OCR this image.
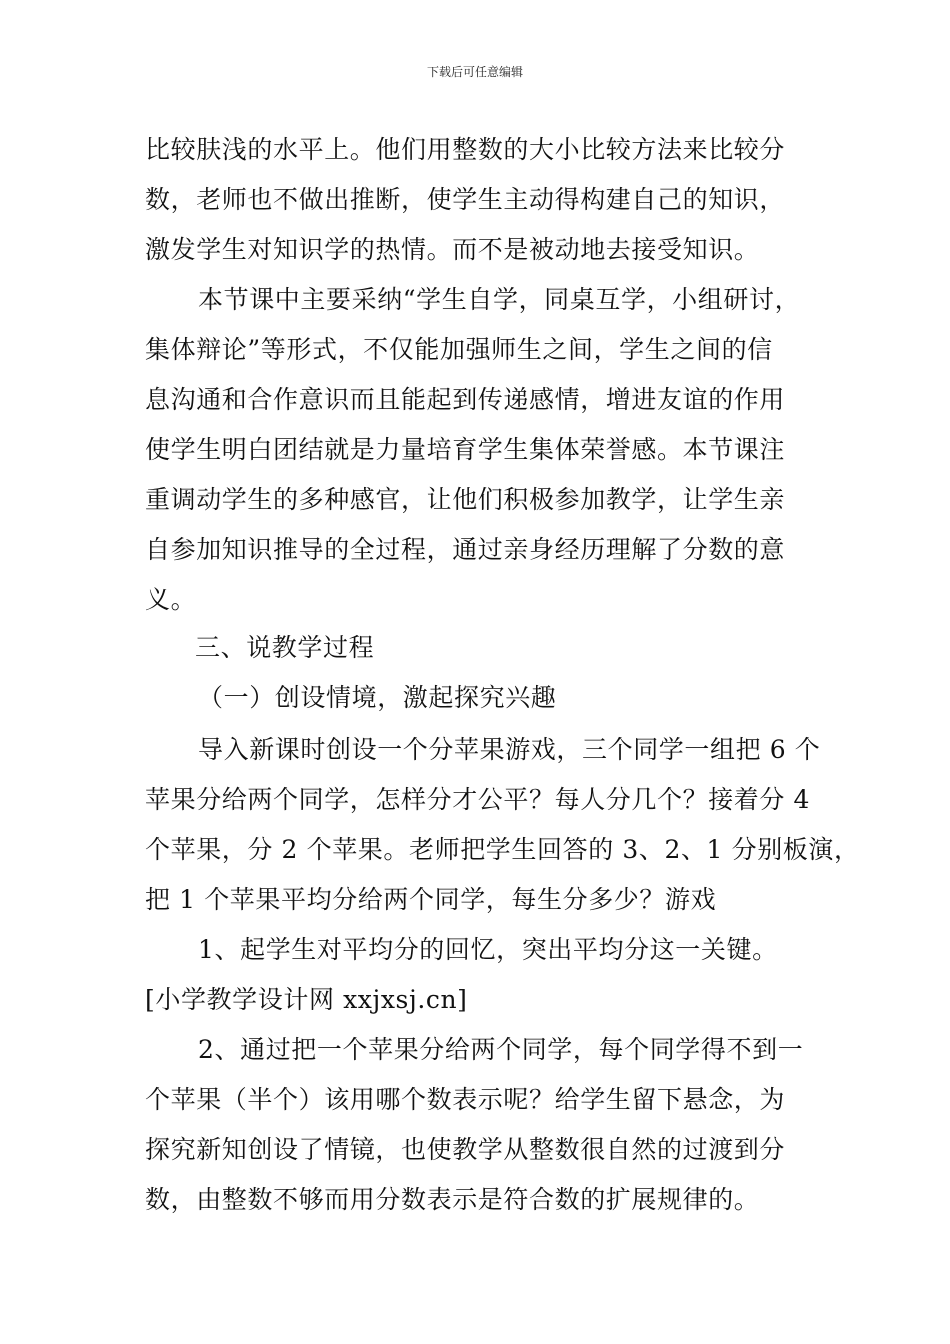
下载后可任意编辑
比较肤浅的水平上。他们用整数的大小比较方法来比较分
数，老师也不做出推断，使学生主动得构建自己的知识，
激发学生对知识学的热情。而不是被动地去接受知识。
本节课中主要采纳“学生自学，同桌互学，小组研讨，
集体辩论”等形式，不仅能加强师生之间，学生之间的信
息沟通和合作意识而且能起到传递感情，增进友谊的作用
使学生明白团结就是力量培育学生集体荣誉感。本节课注
重调动学生的多种感官，让他们积极参加教学，让学生亲
自参加知识推导的全过程，通过亲身经历理解了分数的意
义。
三、说教学过程
（一）创设情境，激起探究兴趣
导入新课时创设一个分苹果游戏，三个同学一组把 6 个
苹果分给两个同学，怎样分才公平？每人分几个？接着分 4
个苹果，分 2 个苹果。老师把学生回答的 3、2、1 分别板演，
把 1 个苹果平均分给两个同学，每生分多少？游戏
1、起学生对平均分的回忆，突出平均分这一关键。
[小学教学设计网 xxjxsj.cn]
2、通过把一个苹果分给两个同学，每个同学得不到一
个苹果（半个）该用哪个数表示呢？给学生留下悬念，为
探究新知创设了情镜，也使教学从整数很自然的过渡到分
数，由整数不够而用分数表示是符合数的扩展规律的。
